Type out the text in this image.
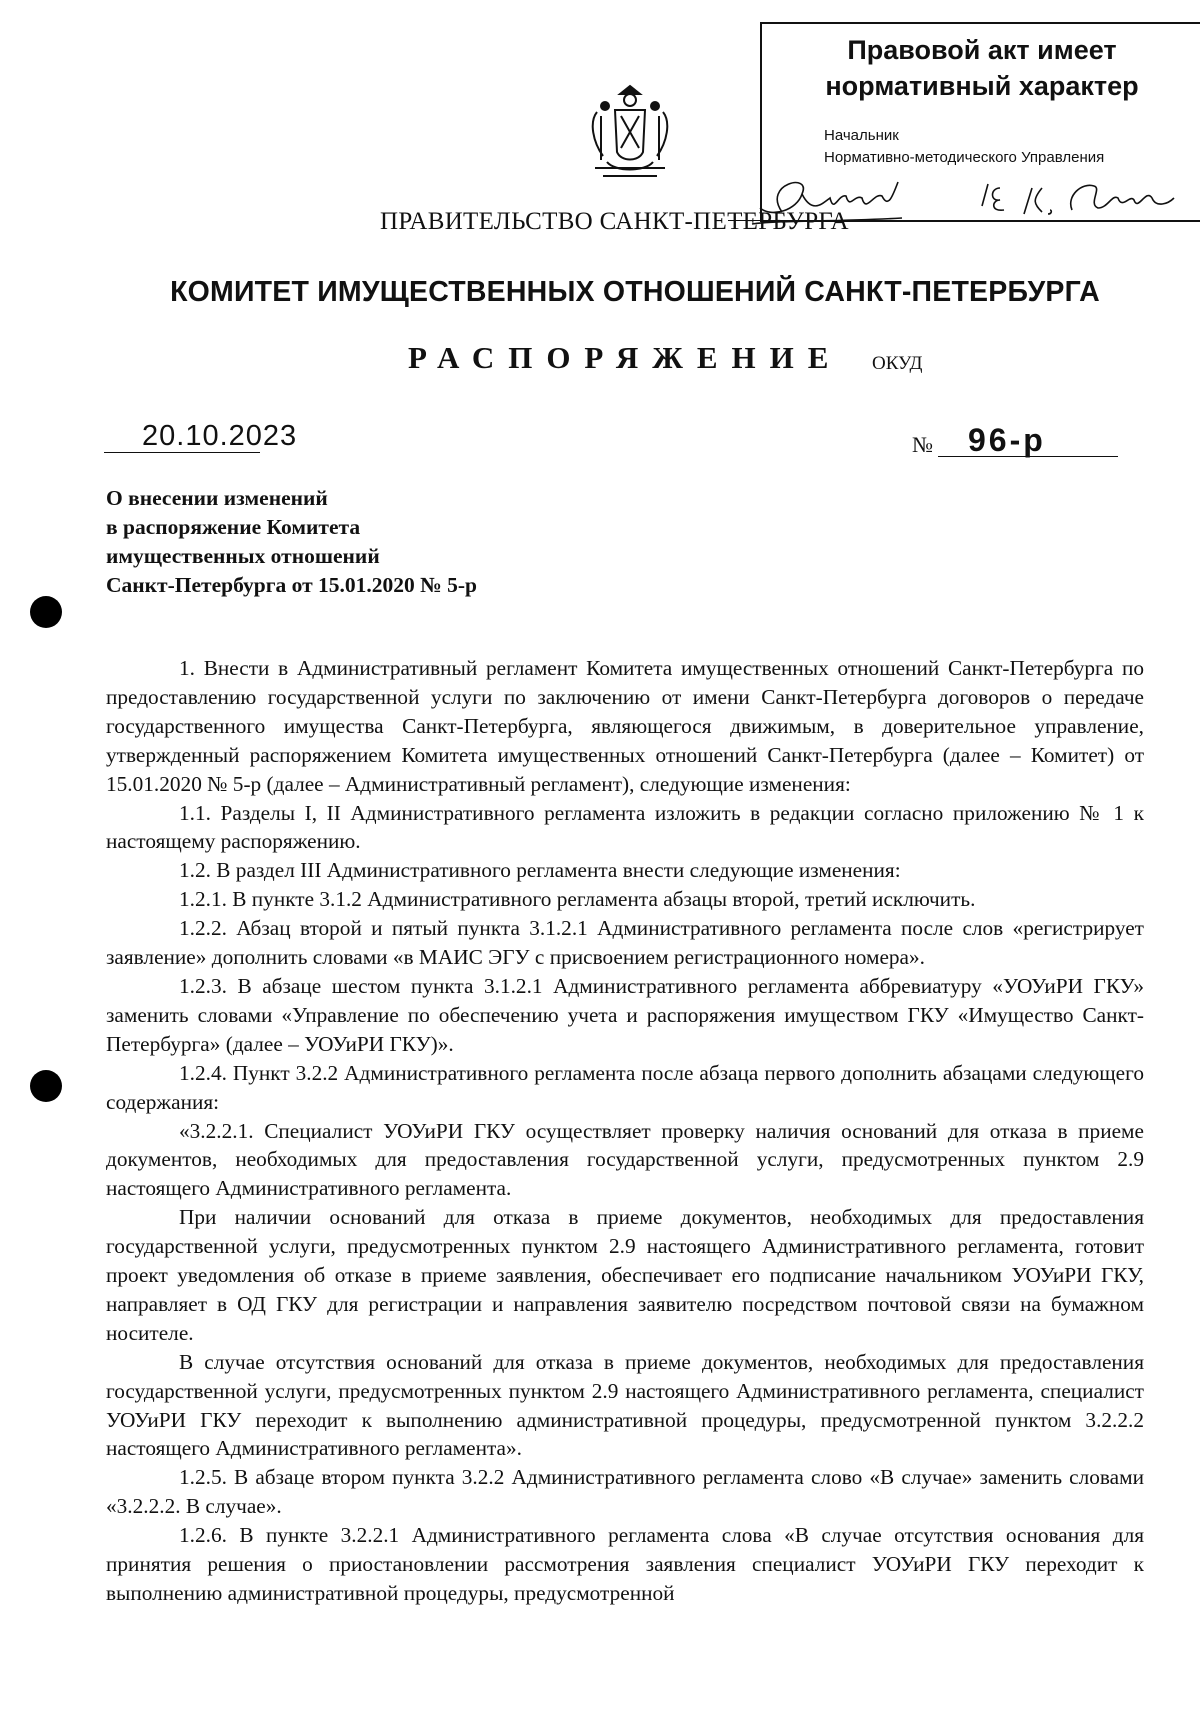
Правовой акт имеет
нормативный характер
Начальник
Нормативно-методического Управления
ПРАВИТЕЛЬСТВО САНКТ-ПЕТЕРБУРГА
КОМИТЕТ ИМУЩЕСТВЕННЫХ ОТНОШЕНИЙ САНКТ-ПЕТЕРБУРГА
РАСПОРЯЖЕНИЕ ОКУД
20.10.2023	№ 96-р
О внесении изменений
в распоряжение Комитета
имущественных отношений
Санкт-Петербурга от 15.01.2020 № 5-р

1. Внести в Административный регламент Комитета имущественных отношений Санкт-Петербурга по предоставлению государственной услуги по заключению от имени Санкт-Петербурга договоров о передаче государственного имущества Санкт-Петербурга, являющегося движимым, в доверительное управление, утвержденный распоряжением Комитета имущественных отношений Санкт-Петербурга (далее – Комитет) от 15.01.2020 № 5-р (далее – Административный регламент), следующие изменения:

1.1. Разделы I, II Административного регламента изложить в редакции согласно приложению № 1 к настоящему распоряжению.

1.2. В раздел III Административного регламента внести следующие изменения:

1.2.1. В пункте 3.1.2 Административного регламента абзацы второй, третий исключить.

1.2.2. Абзац второй и пятый пункта 3.1.2.1 Административного регламента после слов «регистрирует заявление» дополнить словами «в МАИС ЭГУ с присвоением регистрационного номера».

1.2.3. В абзаце шестом пункта 3.1.2.1 Административного регламента аббревиатуру «УОУиРИ ГКУ» заменить словами «Управление по обеспечению учета и распоряжения имуществом ГКУ «Имущество Санкт-Петербурга» (далее – УОУиРИ ГКУ)».

1.2.4. Пункт 3.2.2 Административного регламента после абзаца первого дополнить абзацами следующего содержания:

«3.2.2.1. Специалист УОУиРИ ГКУ осуществляет проверку наличия оснований для отказа в приеме документов, необходимых для предоставления государственной услуги, предусмотренных пунктом 2.9 настоящего Административного регламента.

При наличии оснований для отказа в приеме документов, необходимых для предоставления государственной услуги, предусмотренных пунктом 2.9 настоящего Административного регламента, готовит проект уведомления об отказе в приеме заявления, обеспечивает его подписание начальником УОУиРИ ГКУ, направляет в ОД ГКУ для регистрации и направления заявителю посредством почтовой связи на бумажном носителе.

В случае отсутствия оснований для отказа в приеме документов, необходимых для предоставления государственной услуги, предусмотренных пунктом 2.9 настоящего Административного регламента, специалист УОУиРИ ГКУ переходит к выполнению административной процедуры, предусмотренной пунктом 3.2.2.2 настоящего Административного регламента».

1.2.5. В абзаце втором пункта 3.2.2 Административного регламента слово «В случае» заменить словами «3.2.2.2. В случае».

1.2.6. В пункте 3.2.2.1 Административного регламента слова «В случае отсутствия основания для принятия решения о приостановлении рассмотрения заявления специалист УОУиРИ ГКУ переходит к выполнению административной процедуры, предусмотренной
